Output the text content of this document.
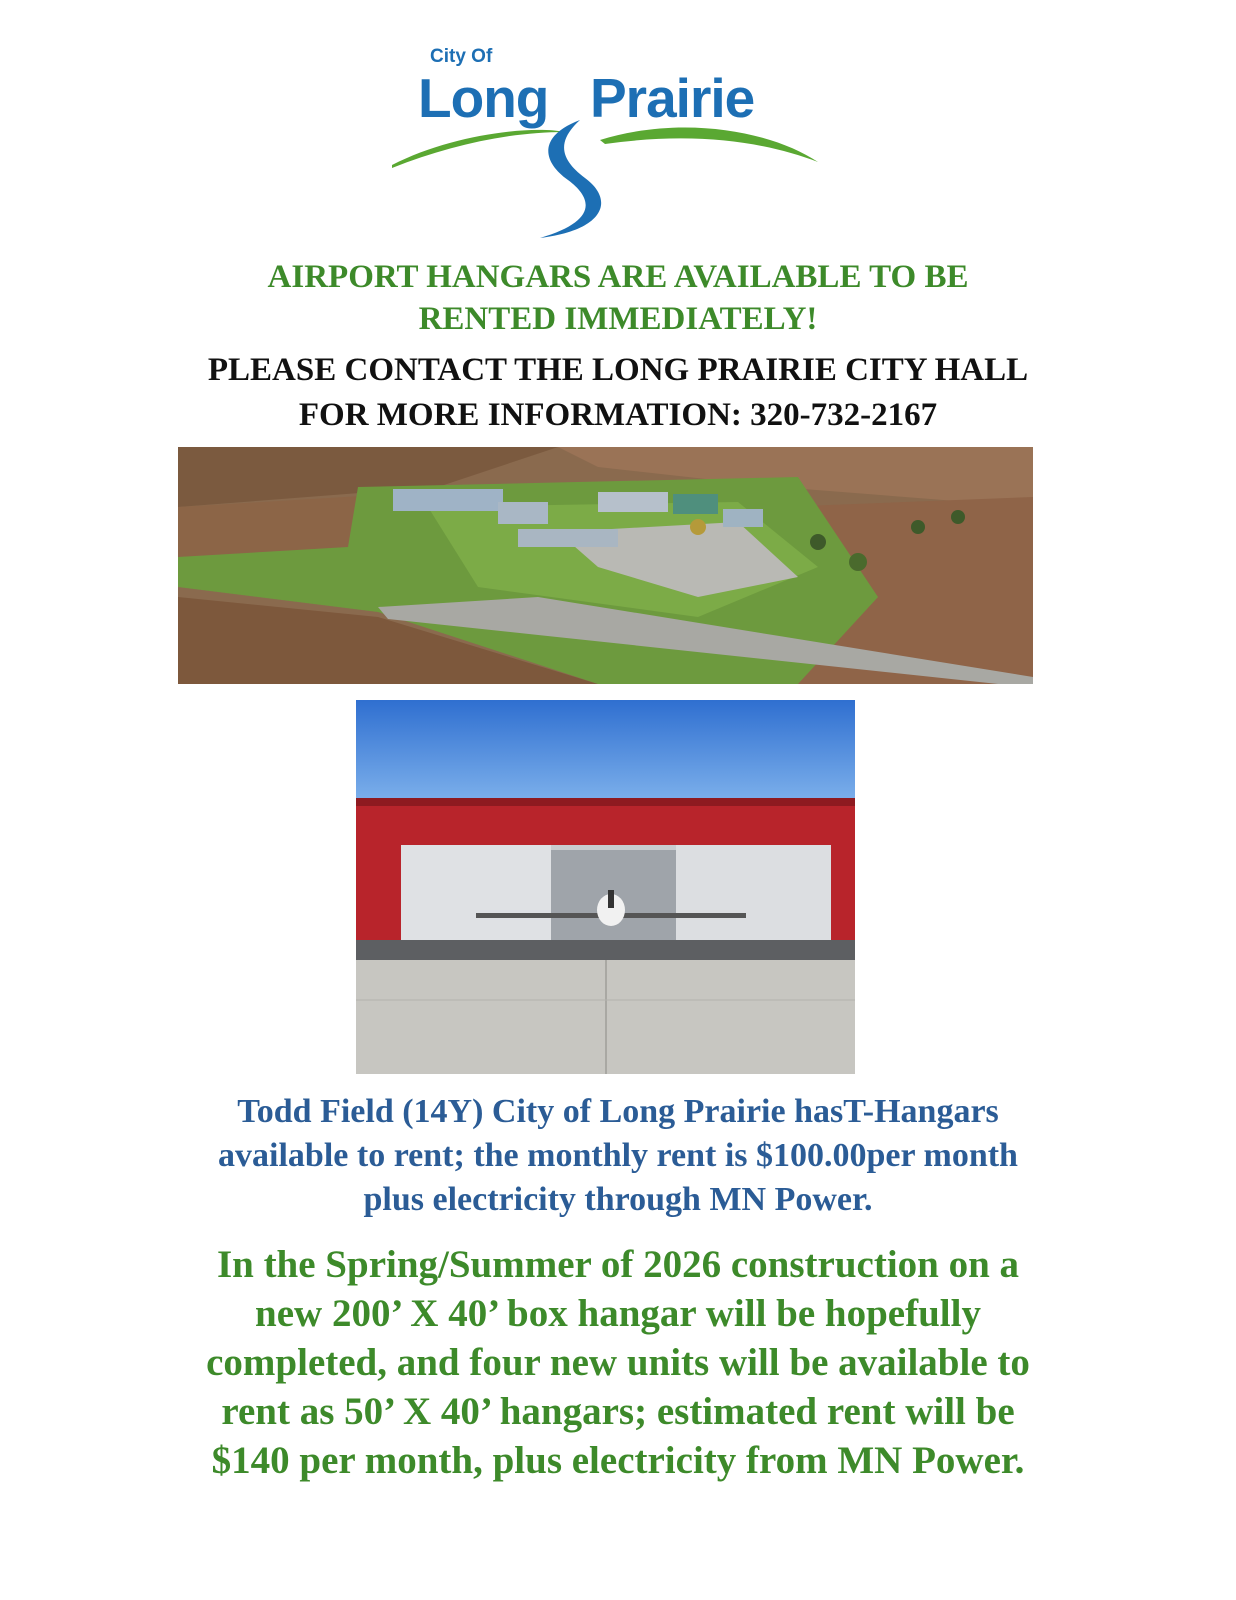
City Of
Long Prairie
AIRPORT HANGARS ARE AVAILABLE TO BE
RENTED IMMEDIATELY!
PLEASE CONTACT THE LONG PRAIRIE CITY HALL
FOR MORE INFORMATION: 320-732-2167
Todd Field (14Y) City of Long Prairie hasT-Hangars
available to rent; the monthly rent is $100.00per month
plus electricity through MN Power.
In the Spring/Summer of 2026 construction on a
new 200’ X 40’ box hangar will be hopefully
completed, and four new units will be available to
rent as 50’ X 40’ hangars; estimated rent will be
$140 per month, plus electricity from MN Power.
